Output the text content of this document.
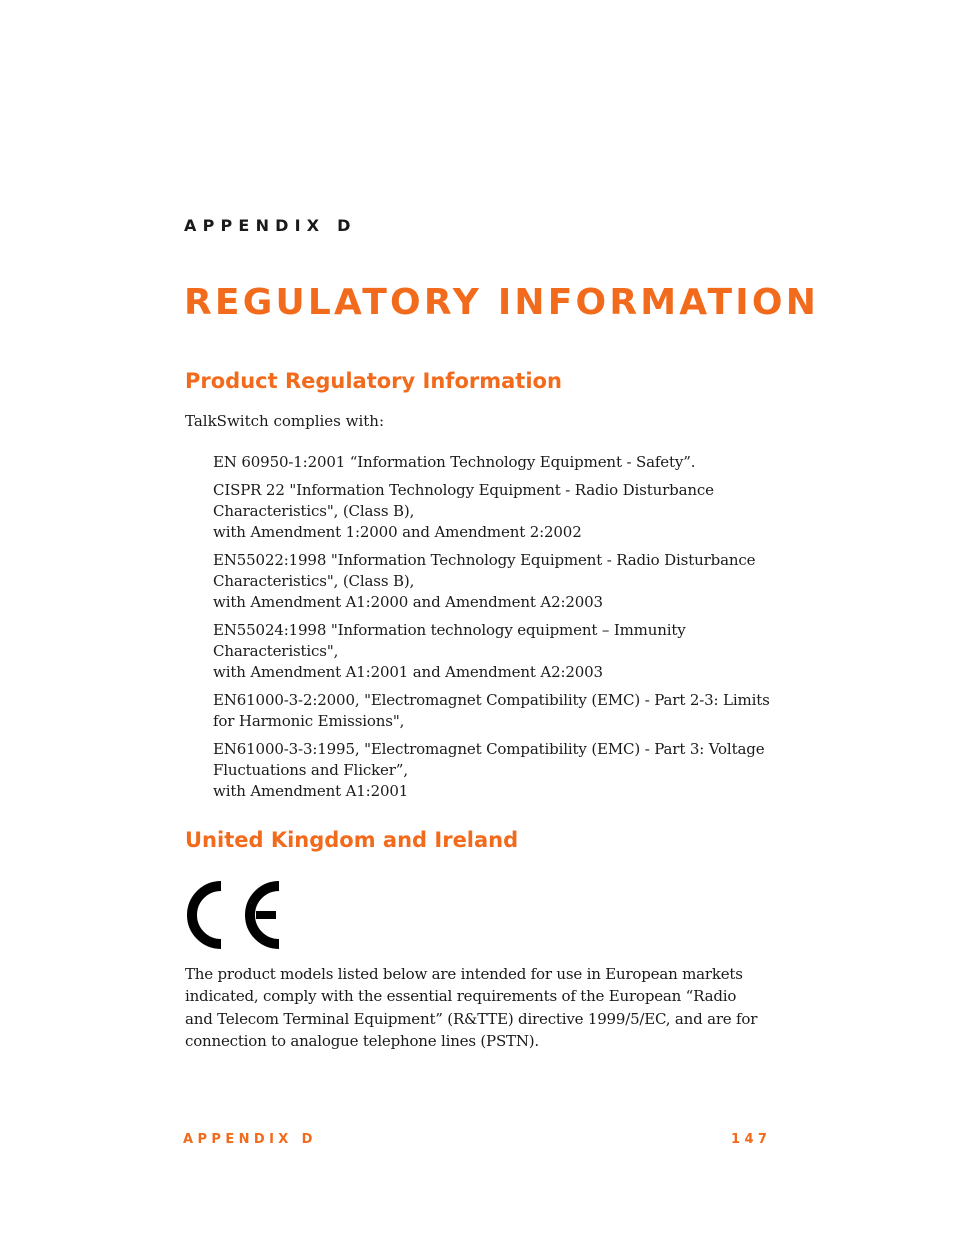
APPENDIX D
REGULATORY INFORMATION
Product Regulatory Information

TalkSwitch complies with:

EN 60950-1:2001 “Information Technology Equipment - Safety”.
CISPR 22 "Information Technology Equipment - Radio Disturbance
Characteristics", (Class B),
with Amendment 1:2000 and Amendment 2:2002
EN55022:1998 "Information Technology Equipment - Radio Disturbance
Characteristics", (Class B),
with Amendment A1:2000 and Amendment A2:2003
EN55024:1998 "Information technology equipment – Immunity
Characteristics",
with Amendment A1:2001 and Amendment A2:2003
EN61000-3-2:2000, "Electromagnet Compatibility (EMC) - Part 2-3: Limits
for Harmonic Emissions",
EN61000-3-3:1995, "Electromagnet Compatibility (EMC) - Part 3: Voltage
Fluctuations and Flicker”,
with Amendment A1:2001
United Kingdom and Ireland

The product models listed below are intended for use in European markets
indicated, comply with the essential requirements of the European “Radio
and Telecom Terminal Equipment” (R&TTE) directive 1999/5/EC, and are for
connection to analogue telephone lines (PSTN).

APPENDIX D	147
